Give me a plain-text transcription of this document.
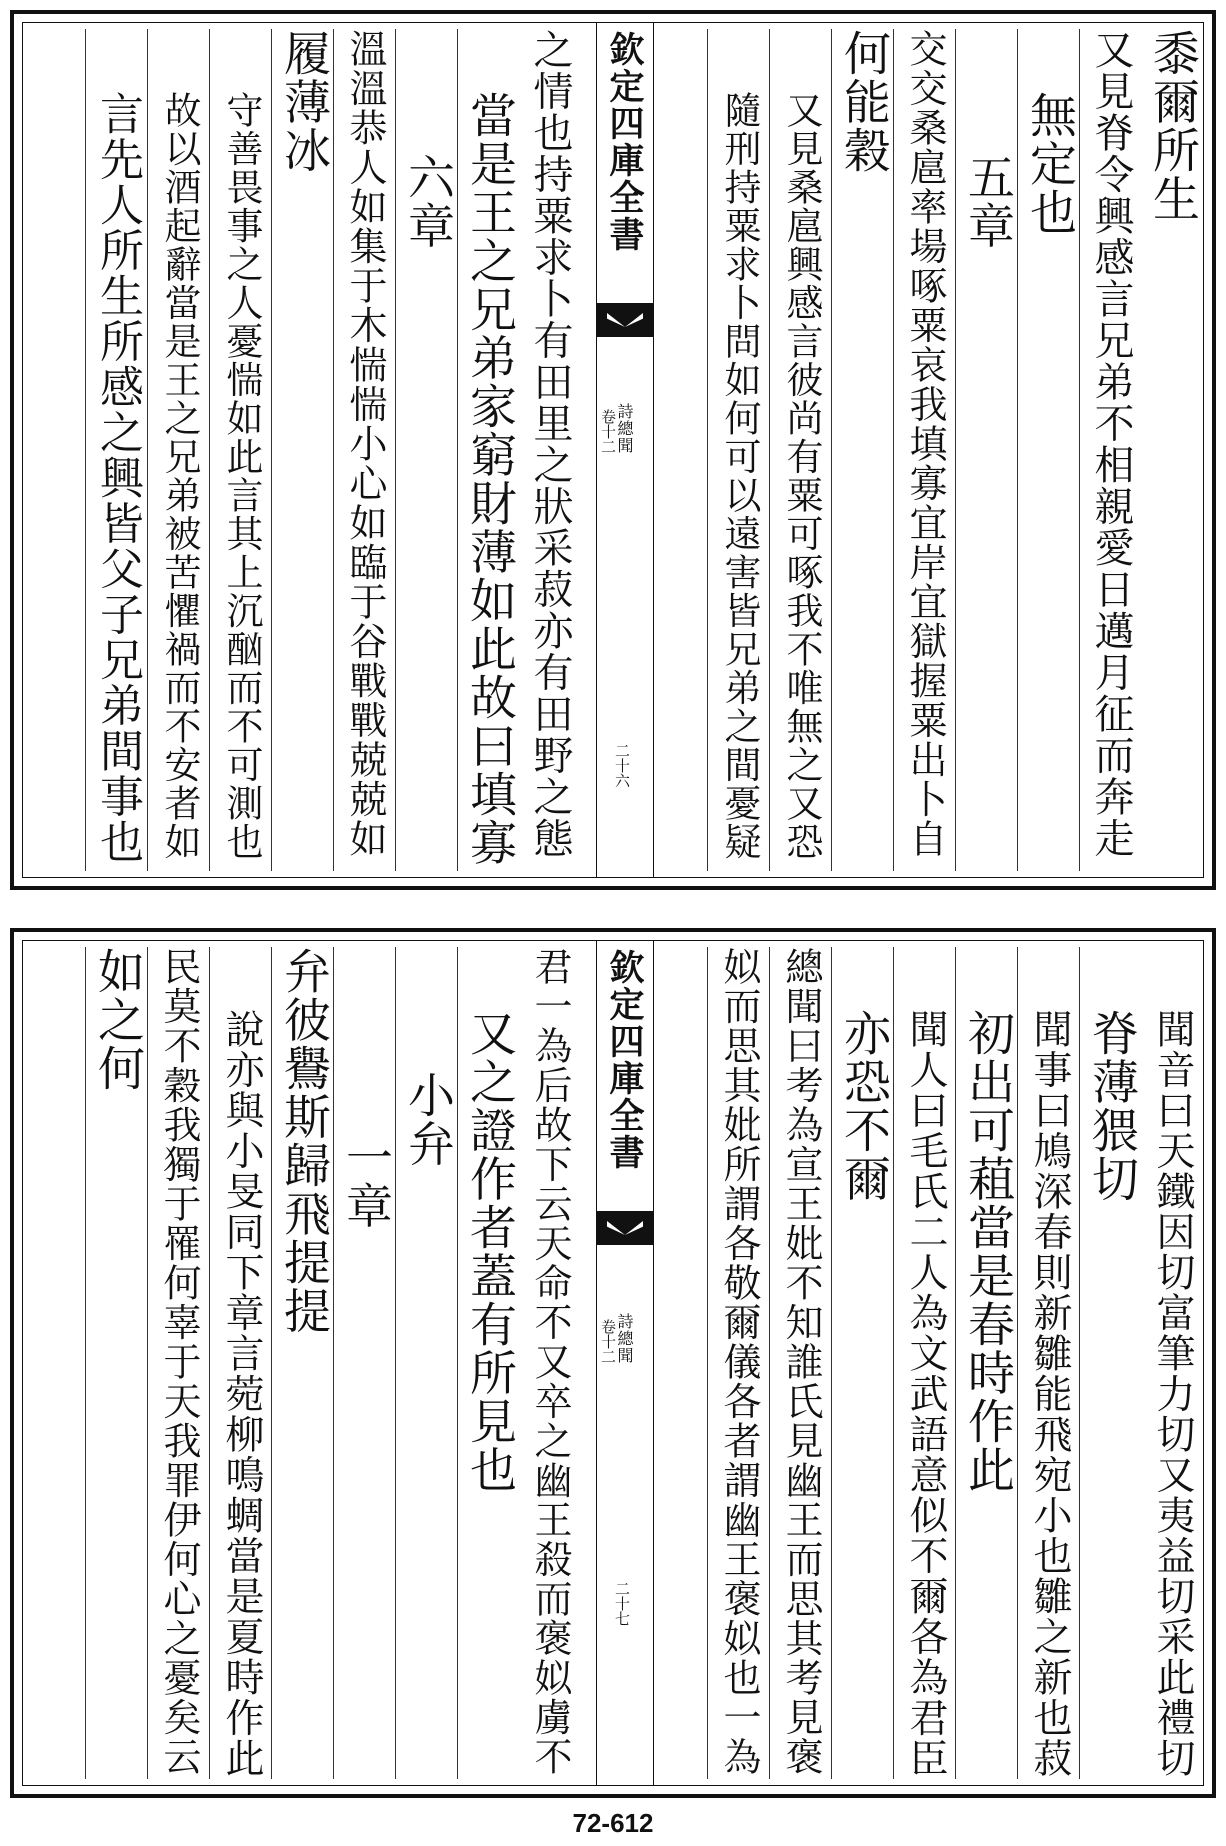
黍爾所生
又見脊令興感言兄弟不相親愛日邁月征而奔走
無定也
五章
交交桑扈率場啄粟哀我填寡宜岸宜獄握粟出卜自
何能穀
又見桑扈興感言彼尚有粟可啄我不唯無之又恐
隨刑持粟求卜問如何可以遠害皆兄弟之間憂疑
欽定四庫全書
詩總聞
卷十二
二十六
之情也持粟求卜有田里之狀采菽亦有田野之態
當是王之兄弟家窮財薄如此故曰填寡
六章
溫溫恭人如集于木惴惴小心如臨于谷戰戰兢兢如
履薄冰
守善畏事之人憂惴如此言其上沉酗而不可測也
故以酒起辭當是王之兄弟被苦懼禍而不安者如
言先人所生所感之興皆父子兄弟間事也
聞音曰天鐵因切富筆力切又夷益切采此禮切
脊薄猥切
聞事曰鳩深春則新雛能飛宛小也雛之新也菽
初出可蒩當是春時作此
聞人曰毛氏二人為文武語意似不爾各為君臣
亦恐不爾
總聞曰考為宣王妣不知誰氏見幽王而思其考見褒
姒而思其妣所謂各敬爾儀各者謂幽王褒姒也一為
欽定四庫全書
詩總聞
卷十二
二十七
君一為后故下云天命不又卒之幽王殺而褒姒虜不
又之證作者蓋有所見也
小弁
一章
弁彼鸒斯歸飛提提
說亦與小旻同下章言菀柳鳴蜩當是夏時作此
民莫不穀我獨于罹何辜于天我罪伊何心之憂矣云
如之何
72-612
